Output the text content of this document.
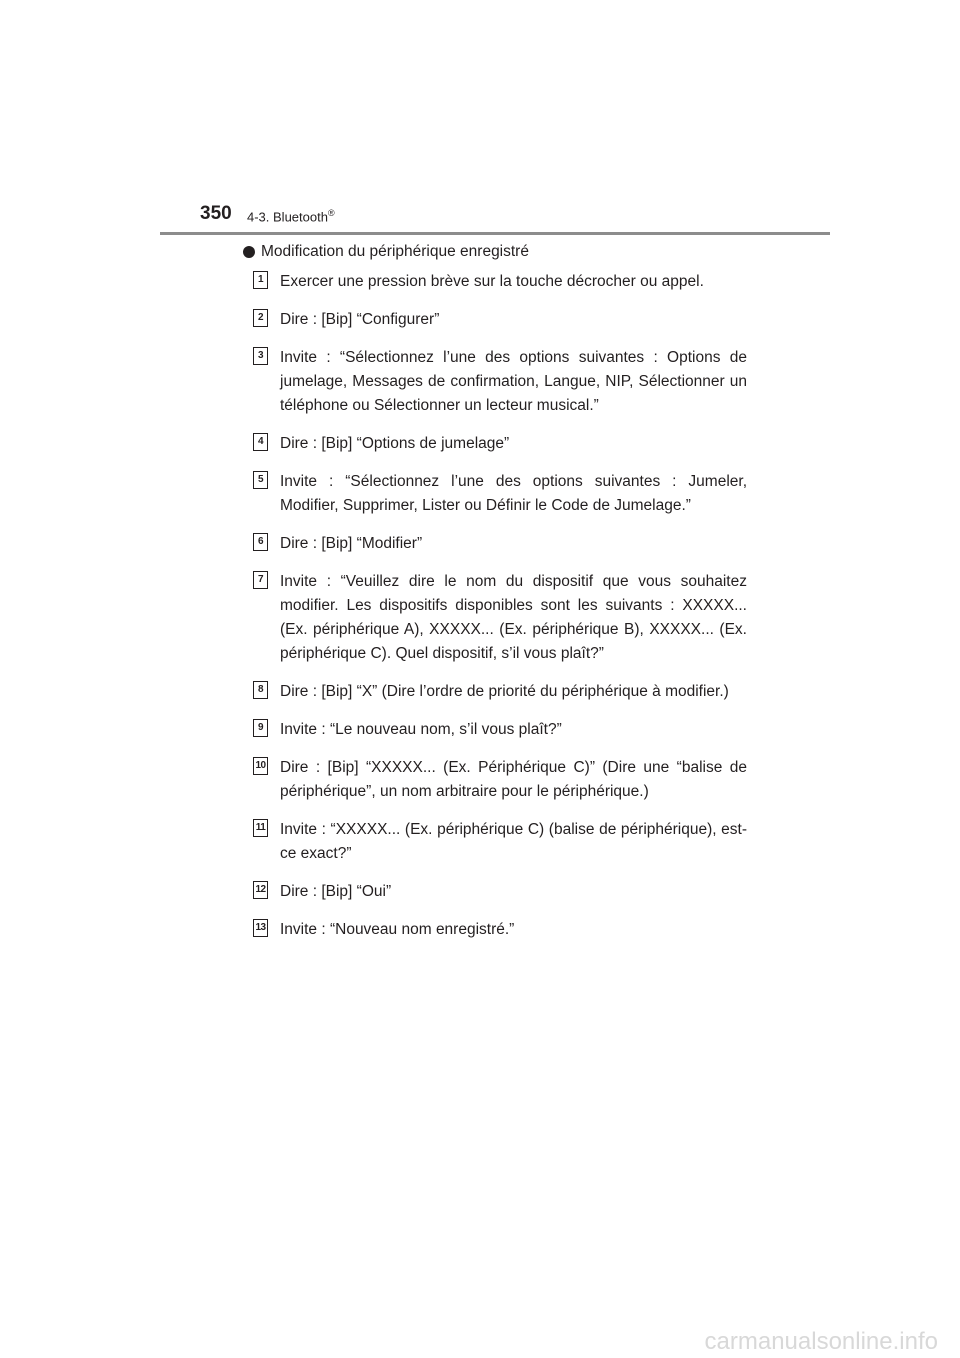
350 4-3. Bluetooth®
Modification du périphérique enregistré
1	Exercer une pression brève sur la touche décrocher ou appel.
2	Dire : [Bip] “Configurer”
3	Invite : “Sélectionnez l’une des options suivantes : Options de jumelage, Messages de confirmation, Langue, NIP, Sélectionner un téléphone ou Sélectionner un lecteur musical.”
4	Dire : [Bip] “Options de jumelage”
5	Invite : “Sélectionnez l’une des options suivantes : Jumeler, Modifier, Supprimer, Lister ou Définir le Code de Jumelage.”
6	Dire : [Bip] “Modifier”
7	Invite : “Veuillez dire le nom du dispositif que vous souhaitez modifier. Les dispositifs disponibles sont les suivants : XXXXX... (Ex. périphérique A), XXXXX... (Ex. périphérique B), XXXXX... (Ex. périphérique C). Quel dispositif, s’il vous plaît?”
8	Dire : [Bip] “X” (Dire l’ordre de priorité du périphérique à modifier.)
9	Invite : “Le nouveau nom, s’il vous plaît?”
10 Dire : [Bip] “XXXXX... (Ex. Périphérique C)” (Dire une “balise de périphérique”, un nom arbitraire pour le périphérique.)
11 Invite : “XXXXX... (Ex. périphérique C) (balise de périphérique), est-ce exact?”
12 Dire : [Bip] “Oui”
13 Invite : “Nouveau nom enregistré.”
carmanualsonline.info
